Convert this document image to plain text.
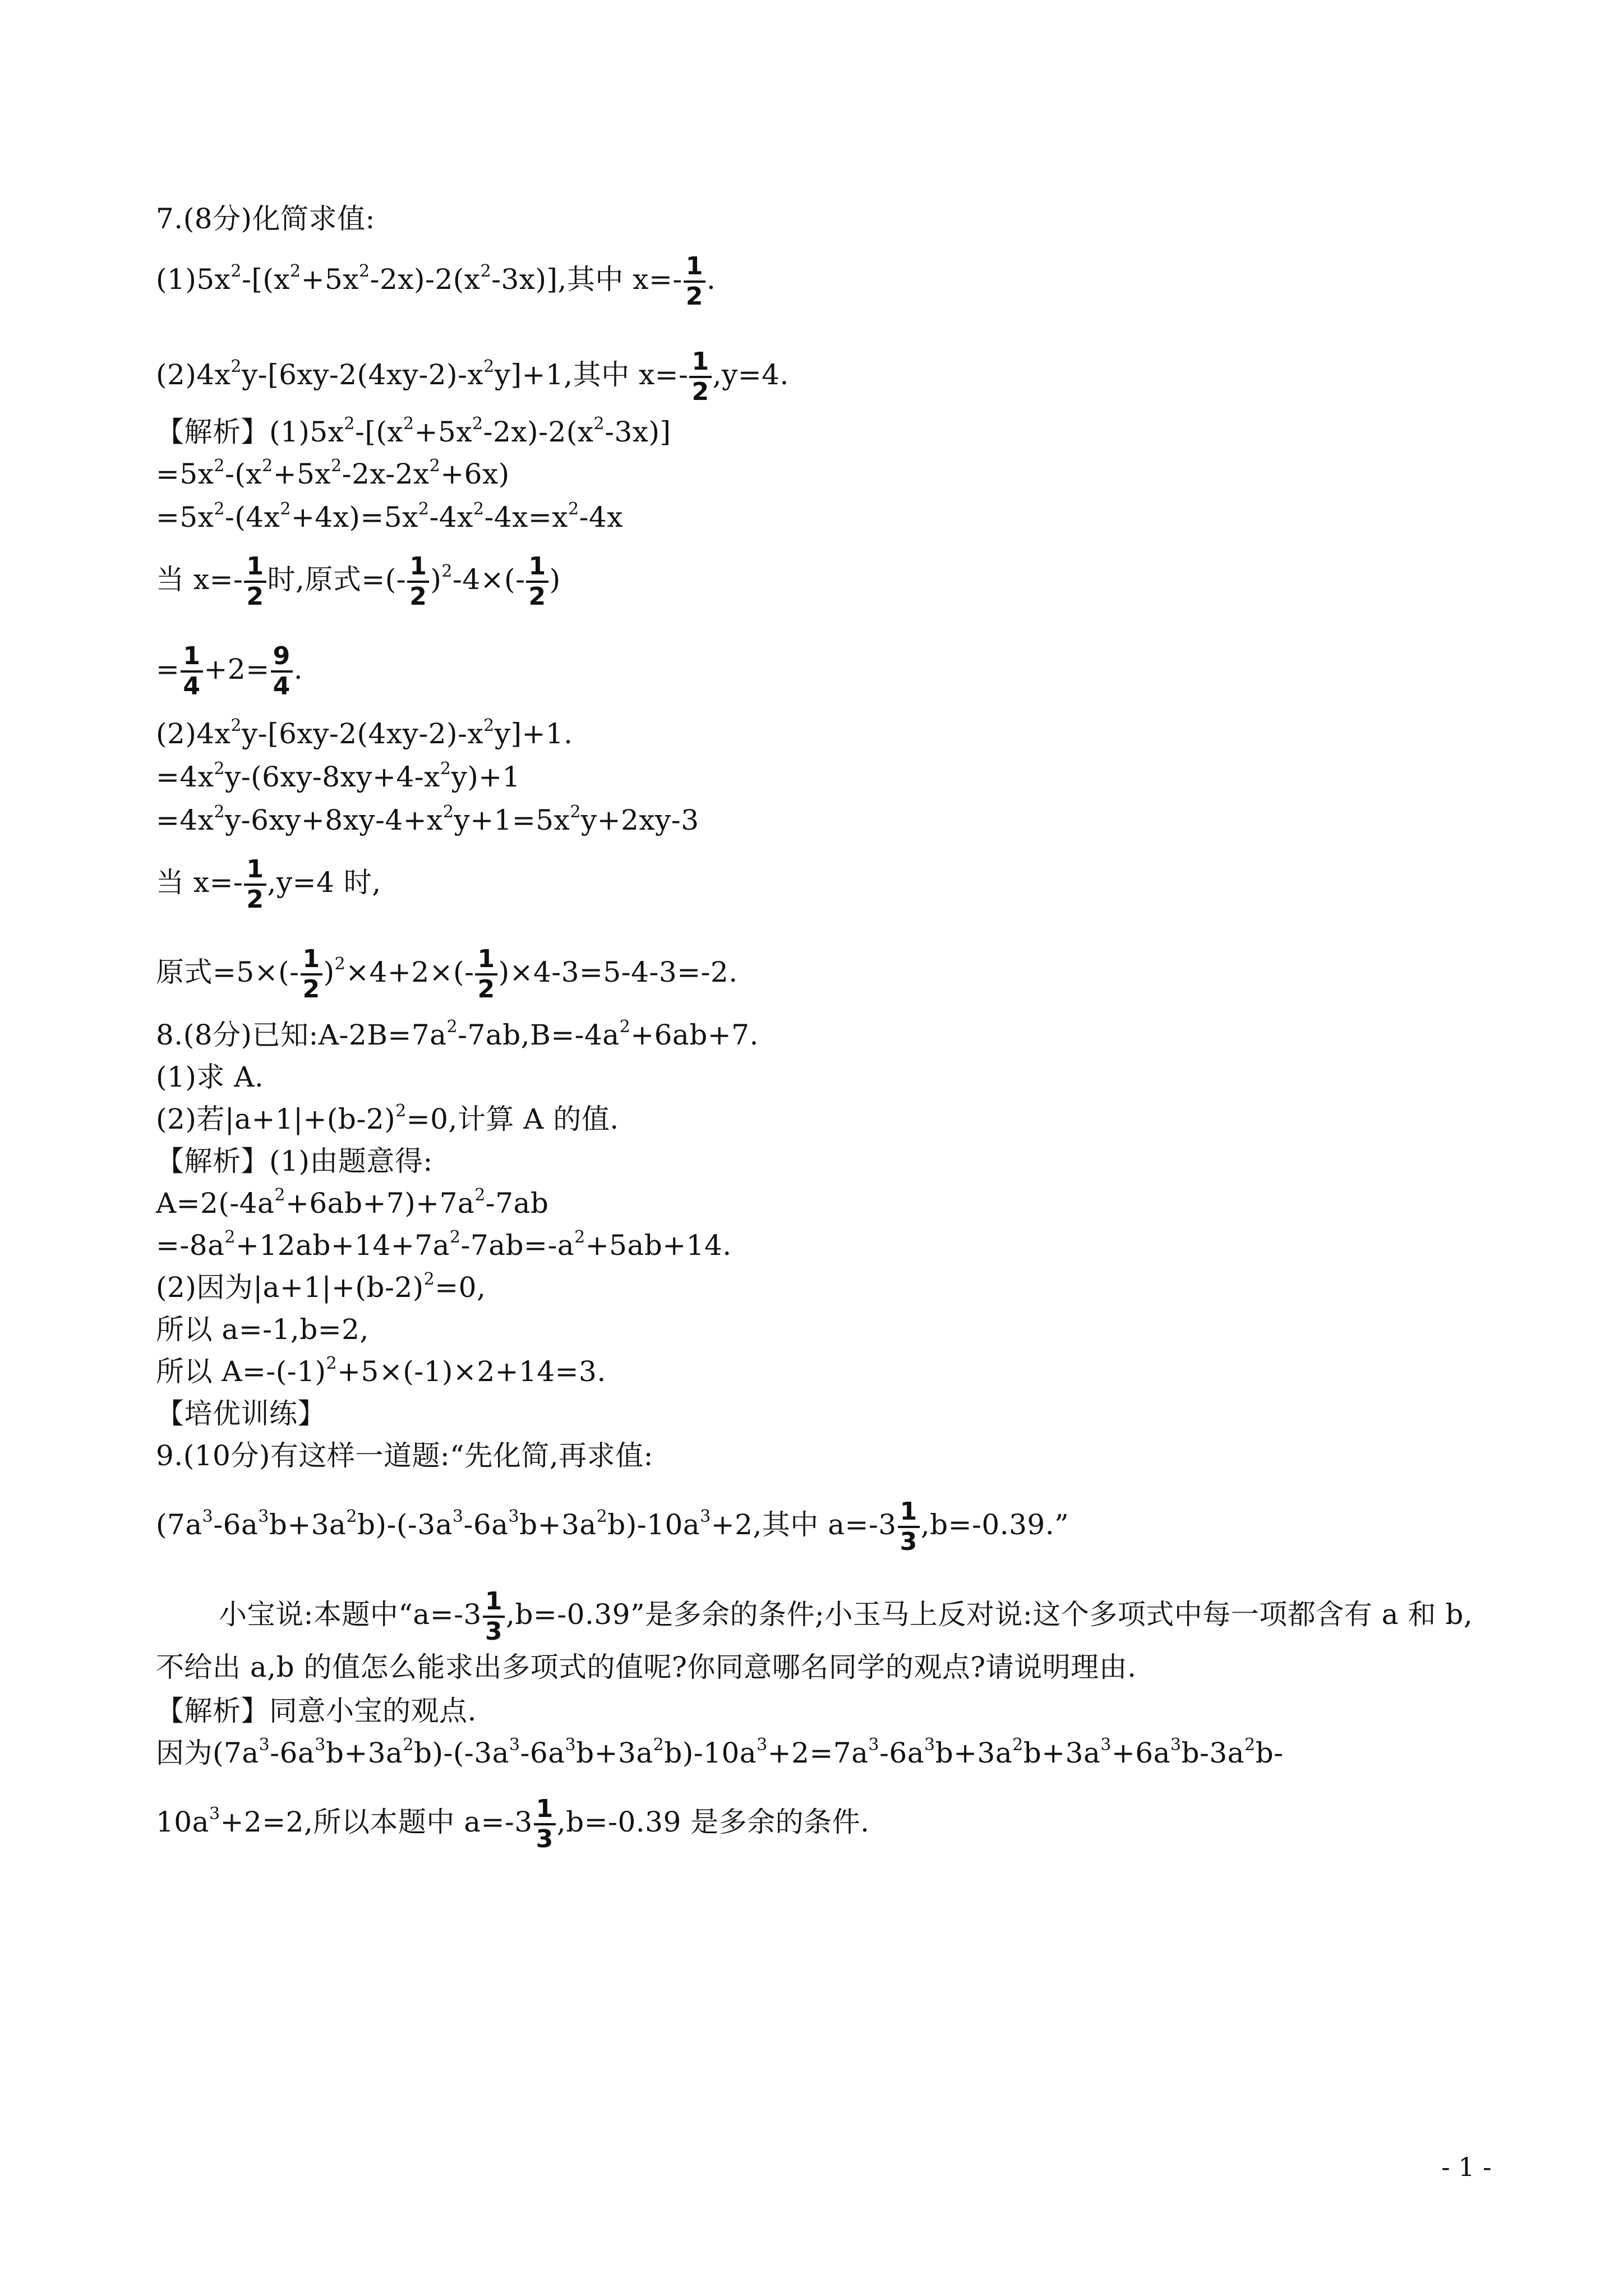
7.(8分)化简求值:
$(1)5x^2-[(x^2+5x^2-2x)-2(x^2-3x)]$,其中 $x=- \frac{1}{2}$ .
$(2)4x^2y-[6xy-2(4xy-2)-x^2y]+1$,其中 $x=- \frac{1}{2} ,y=4$.
【解析】$(1)5x^2-[(x^2+5x^2-2x)-2(x^2-3x)]$
$=5x^2-(x^2+5x^2-2x-2x^2+6x)$
$=5x^2-(4x^2+4x)=5x^2-4x^2-4x=x^2-4x$
当 $x=- \frac{1}{2}$ 时,原式=(- $\frac{1}{2} )^2-4\times(- \frac{1}{2}$ )
= $\frac{1}{4} +2= \frac{9}{4}$ .
$(2)4x^2y-[6xy-2(4xy-2)-x^2y]+1$.
$=4x^2y-(6xy-8xy+4-x^2y)+1$
$=4x^2y-6xy+8xy-4+x^2y+1=5x^2y+2xy-3$
当 $x=- \frac{1}{2} ,y=4$ 时,
原式$=5\times(- \frac{1}{2} )^2\times 4+2\times(- \frac{1}{2} )\times 4-3=5-4-3=-2$.
8.(8分)已知$:A-2B=7a^2-7ab,B=-4a^2+6ab+7$.
(1)求 A.
(2)若$|a+1|+(b-2)^2=0$,计算 A 的值.
【解析】(1)由题意得:
$A=2(-4a^2+6ab+7)+7a^2-7ab$
$=-8a^2+12ab+14+7a^2-7ab=-a^2+5ab+14$.
(2)因为$|a+1|+(b-2)^2=0$,
所以 a=-1,b=2,
所以 $A=-(-1)^2+5\times(-1)\times 2+14=3$.
【培优训练】
9.(10分)有这样一道题:“先化简,再求值:
$(7a^3-6a^3b+3a^2b)-(-3a^3-6a^3b+3a^2b)-10a^3+2$,其中 $a=-3 \frac{1}{3} ,b=-0.39$.”
小宝说:本题中“$a=-3 \frac{1}{3} ,b=-0.39$”是多余的条件;小玉马上反对说:这个多项式中每一项都含有 a 和 b,
不给出 a,b 的值怎么能求出多项式的值呢?你同意哪名同学的观点?请说明理由.
【解析】同意小宝的观点.
因为$(7a^3-6a^3b+3a^2b)-(-3a^3-6a^3b+3a^2b)-10a^3+2=7a^3-6a^3b+3a^2b+3a^3+6a^3b-3a^2b-$
$10a^3+2=2$,所以本题中 $a=-3 \frac{1}{3} ,b=-0.39$ 是多余的条件.
- 1 -
